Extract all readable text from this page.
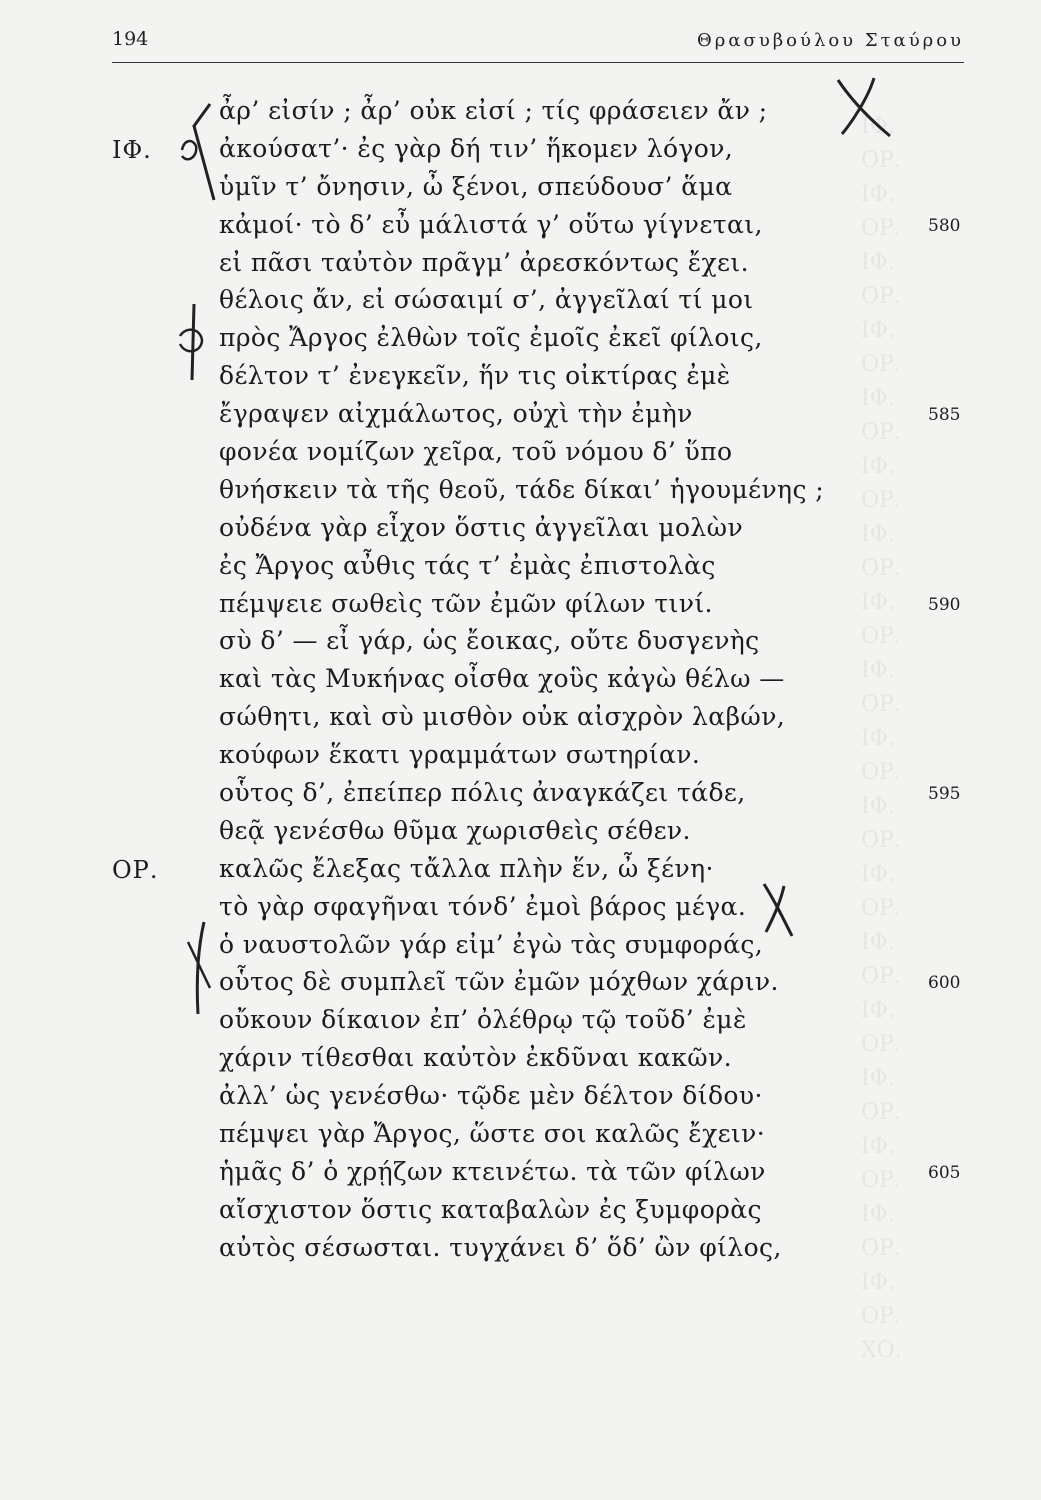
ΙΦ.
ΟΡ.
ΙΦ.
ΟΡ.
ΙΦ.
ΟΡ.
ΙΦ.
ΟΡ.
ΙΦ.
ΟΡ.
ΙΦ.
ΟΡ.
ΙΦ.
ΟΡ.
ΙΦ.
ΟΡ.
ΙΦ.
ΟΡ.
ΙΦ.
ΟΡ.
ΙΦ.
ΟΡ.
ΙΦ.
ΟΡ.
ΙΦ.
ΟΡ.
ΙΦ.
ΟΡ.
ΙΦ.
ΟΡ.
ΙΦ.
ΟΡ.
ΙΦ.
ΟΡ.
ΙΦ.
ΟΡ.
ΧΟ.
194	Θρασυβούλου Σταύρου
ἆρ’ εἰσίν ; ἆρ’ οὐκ εἰσί ; τίς φράσειεν ἄν ;
ΙΦ.	ἀκούσατ’· ἐς γὰρ δή τιν’ ἥκομεν λόγον,
ὑμῖν τ’ ὄνησιν, ὦ ξένοι, σπεύδουσ’ ἅμα
κἀμοί· τὸ δ’ εὖ μάλιστά γ’ οὕτω γίγνεται,	580
εἰ πᾶσι ταὐτὸν πρᾶγμ’ ἀρεσκόντως ἔχει.
θέλοις ἄν, εἰ σώσαιμί σ’, ἀγγεῖλαί τί μοι
πρὸς Ἄργος ἐλθὼν τοῖς ἐμοῖς ἐκεῖ φίλοις,
δέλτον τ’ ἐνεγκεῖν, ἥν τις οἰκτίρας ἐμὲ
ἔγραψεν αἰχμάλωτος, οὐχὶ τὴν ἐμὴν	585
φονέα νομίζων χεῖρα, τοῦ νόμου δ’ ὕπο
θνήσκειν τὰ τῆς θεοῦ, τάδε δίκαι’ ἡγουμένης ;
οὐδένα γὰρ εἶχον ὅστις ἀγγεῖλαι μολὼν
ἐς Ἄργος αὖθις τάς τ’ ἐμὰς ἐπιστολὰς
πέμψειε σωθεὶς τῶν ἐμῶν φίλων τινί.	590
σὺ δ’ — εἶ γάρ, ὡς ἔοικας, οὔτε δυσγενὴς
καὶ τὰς Μυκήνας οἶσθα χοὓς κἀγὼ θέλω —
σώθητι, καὶ σὺ μισθὸν οὐκ αἰσχρὸν λαβών,
κούφων ἕκατι γραμμάτων σωτηρίαν.
οὗτος δ’, ἐπείπερ πόλις ἀναγκάζει τάδε,	595
θεᾷ γενέσθω θῦμα χωρισθεὶς σέθεν.
ΟΡ. καλῶς ἔλεξας τἄλλα πλὴν ἕν, ὦ ξένη·
τὸ γὰρ σφαγῆναι τόνδ’ ἐμοὶ βάρος μέγα.
ὁ ναυστολῶν γάρ εἰμ’ ἐγὼ τὰς συμφοράς,
οὗτος δὲ συμπλεῖ τῶν ἐμῶν μόχθων χάριν.	600
οὔκουν δίκαιον ἐπ’ ὀλέθρῳ τῷ τοῦδ’ ἐμὲ
χάριν τίθεσθαι καὐτὸν ἐκδῦναι κακῶν.
ἀλλ’ ὡς γενέσθω· τῷδε μὲν δέλτον δίδου·
πέμψει γὰρ Ἄργος, ὥστε σοι καλῶς ἔχειν·
ἡμᾶς δ’ ὁ χρῄζων κτεινέτω. τὰ τῶν φίλων	605
αἴσχιστον ὅστις καταβαλὼν ἐς ξυμφορὰς
αὐτὸς σέσωσται. τυγχάνει δ’ ὅδ’ ὢν φίλος,
